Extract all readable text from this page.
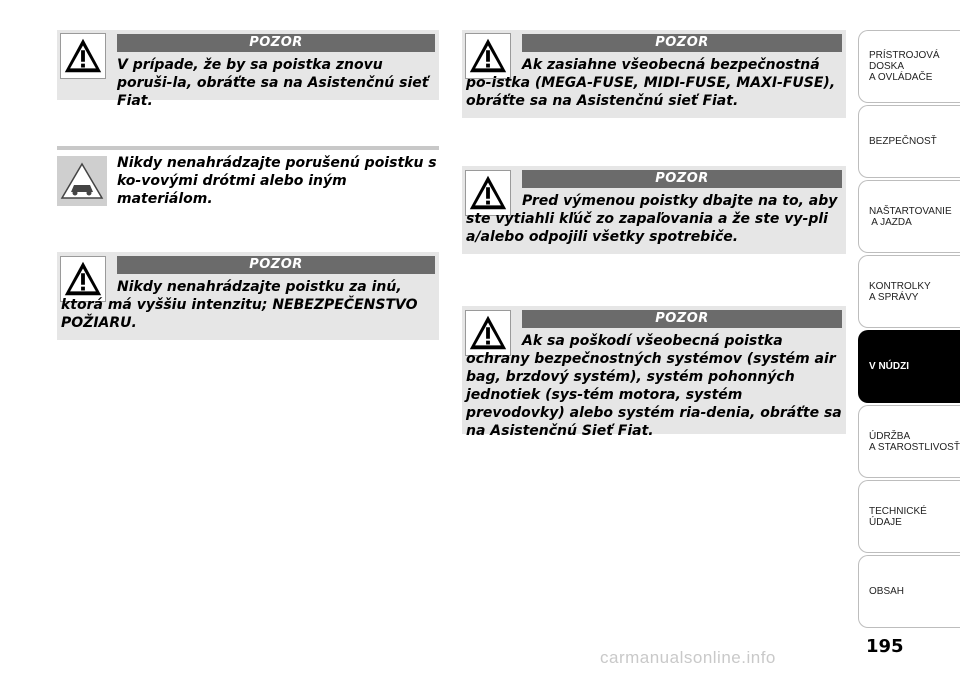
POZOR
V prípade, že by sa poistka znovu poruši-la, obráťte sa na Asistenčnú sieť Fiat.
Nikdy nenahrádzajte porušenú poistku s ko-vovými drótmi alebo iným materiálom.
POZOR
Nikdy nenahrádzajte poistku za inú, ktorá má vyššiu intenzitu; NEBEZPEČENSTVO POŽIARU.
POZOR
Ak zasiahne všeobecná bezpečnostná po-istka (MEGA-FUSE, MIDI-FUSE, MAXI-FUSE), obráťte sa na Asistenčnú sieť Fiat.
POZOR
Pred výmenou poistky dbajte na to, aby ste vytiahli kľúč zo zapaľovania a že ste vy-pli a/alebo odpojili všetky spotrebiče.
POZOR
Ak sa poškodí všeobecná poistka ochrany bezpečnostných systémov (systém air bag, brzdový systém), systém pohonných jednotiek (sys-tém motora, systém prevodovky) alebo systém ria-denia, obráťte sa na Asistenčnú Sieť Fiat.
PRÍSTROJOVÁ
DOSKA
A OVLÁDAČE
BEZPEČNOSŤ
NAŠTARTOVANIE
A JAZDA
KONTROLKY
A SPRÁVY
V NÚDZI
ÚDRŽBA
A STAROSTLIVOSŤ
TECHNICKÉ ÚDAJE
OBSAH
195
carmanualsonline.info
